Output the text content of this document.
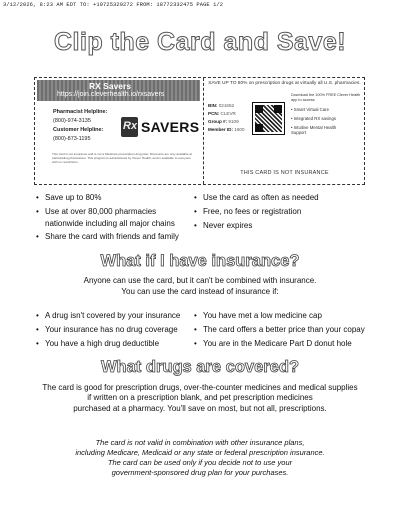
3/12/2026, 8:23 AM EDT TO: +19725329272 FROM: 18772332475 PAGE 1/2
Clip the Card and Save!
RX Savers
https://join.cleverhealth.io/rxsavers
Pharmacist Helpline:
(800)-974-3135
Customer Helpline:
(800)-873-1195
Rx SAVERS
This card is not insurance and is not a Medicare prescription drug plan. Discounts are only available at participating pharmacies. This program is administered by Clever Health, and is available to everyone with no restrictions.
SAVE UP TO 80% on prescription drugs at virtually all U.S. pharmacies.
BIN: 021652
PCN: CLEVR
Group #: 9109
Member ID: 1600
Download the 100% FREE Clever Health app to access:
• Smart Virtual Care
• Integrated RX savings
• Intuitive Mental Health Support
THIS CARD IS NOT INSURANCE
• Save up to 80%
• Use at over 80,000 pharmacies
nationwide including all major chains
• Share the card with friends and family
• Use the card as often as needed
• Free, no fees or registration
• Never expires
What if I have insurance?
Anyone can use the card, but it can't be combined with insurance.
You can use the card instead of insurance if:
• A drug isn't covered by your insurance
• Your insurance has no drug coverage
• You have a high drug deductible
• You have met a low medicine cap
• The card offers a better price than your copay
• You are in the Medicare Part D donut hole
What drugs are covered?
The card is good for prescription drugs, over-the-counter medicines and medical supplies
if written on a prescription blank, and pet prescription medicines
purchased at a pharmacy. You'll save on most, but not all, prescriptions.
The card is not valid in combination with other insurance plans,
including Medicare, Medicaid or any state or federal prescription insurance.
The card can be used only if you decide not to use your
government-sponsored drug plan for your purchases.
